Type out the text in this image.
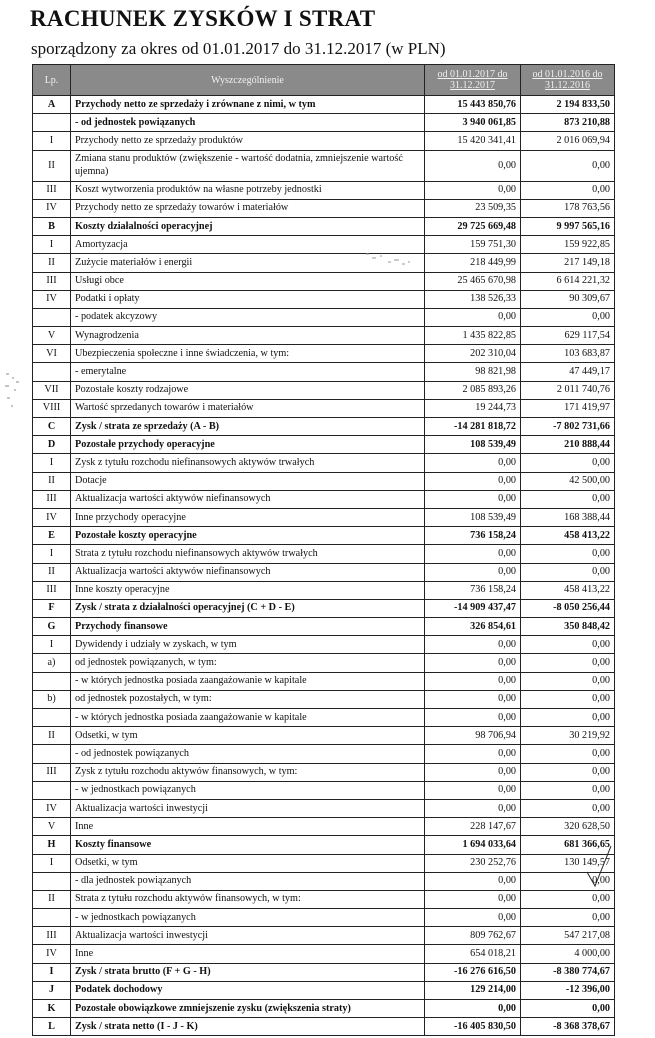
RACHUNEK ZYSKÓW I STRAT
sporządzony za okres od 01.01.2017 do 31.12.2017 (w PLN)
Lp.	Wyszczególnienie	od 01.01.2017 do 31.12.2017	od 01.01.2016 do 31.12.2016
A	Przychody netto ze sprzedaży i zrównane z nimi, w tym	15 443 850,76	2 194 833,50
	- od jednostek powiązanych	3 940 061,85	873 210,88
I	Przychody netto ze sprzedaży produktów	15 420 341,41	2 016 069,94
II	Zmiana stanu produktów (zwiększenie - wartość dodatnia, zmniejszenie wartość ujemna)	0,00	0,00
III	Koszt wytworzenia produktów na własne potrzeby jednostki	0,00	0,00
IV	Przychody netto ze sprzedaży towarów i materiałów	23 509,35	178 763,56
B	Koszty działalności operacyjnej	29 725 669,48	9 997 565,16
I	Amortyzacja	159 751,30	159 922,85
II	Zużycie materiałów i energii	218 449,99	217 149,18
III	Usługi obce	25 465 670,98	6 614 221,32
IV	Podatki i opłaty	138 526,33	90 309,67
	- podatek akcyzowy	0,00	0,00
V	Wynagrodzenia	1 435 822,85	629 117,54
VI	Ubezpieczenia społeczne i inne świadczenia, w tym:	202 310,04	103 683,87
	- emerytalne	98 821,98	47 449,17
VII	Pozostałe koszty rodzajowe	2 085 893,26	2 011 740,76
VIII	Wartość sprzedanych towarów i materiałów	19 244,73	171 419,97
C	Zysk / strata ze sprzedaży (A - B)	-14 281 818,72	-7 802 731,66
D	Pozostałe przychody operacyjne	108 539,49	210 888,44
I	Zysk z tytułu rozchodu niefinansowych aktywów trwałych	0,00	0,00
II	Dotacje	0,00	42 500,00
III	Aktualizacja wartości aktywów niefinansowych	0,00	0,00
IV	Inne przychody operacyjne	108 539,49	168 388,44
E	Pozostałe koszty operacyjne	736 158,24	458 413,22
I	Strata z tytułu rozchodu niefinansowych aktywów trwałych	0,00	0,00
II	Aktualizacja wartości aktywów niefinansowych	0,00	0,00
III	Inne koszty operacyjne	736 158,24	458 413,22
F	Zysk / strata z działalności operacyjnej (C + D - E)	-14 909 437,47	-8 050 256,44
G	Przychody finansowe	326 854,61	350 848,42
I	Dywidendy i udziały w zyskach, w tym	0,00	0,00
a)	od jednostek powiązanych, w tym:	0,00	0,00
	- w których jednostka posiada zaangażowanie w kapitale	0,00	0,00
b)	od jednostek pozostałych, w tym:	0,00	0,00
	- w których jednostka posiada zaangażowanie w kapitale	0,00	0,00
II	Odsetki, w tym	98 706,94	30 219,92
	- od jednostek powiązanych	0,00	0,00
III	Zysk z tytułu rozchodu aktywów finansowych, w tym:	0,00	0,00
	- w jednostkach powiązanych	0,00	0,00
IV	Aktualizacja wartości inwestycji	0,00	0,00
V	Inne	228 147,67	320 628,50
H	Koszty finansowe	1 694 033,64	681 366,65
I	Odsetki, w tym	230 252,76	130 149,57
	- dla jednostek powiązanych	0,00	0,00
II	Strata z tytułu rozchodu aktywów finansowych, w tym:	0,00	0,00
	- w jednostkach powiązanych	0,00	0,00
III	Aktualizacja wartości inwestycji	809 762,67	547 217,08
IV	Inne	654 018,21	4 000,00
I	Zysk / strata brutto (F + G - H)	-16 276 616,50	-8 380 774,67
J	Podatek dochodowy	129 214,00	-12 396,00
K	Pozostałe obowiązkowe zmniejszenie zysku (zwiększenia straty)	0,00	0,00
L	Zysk / strata netto (I - J - K)	-16 405 830,50	-8 368 378,67
